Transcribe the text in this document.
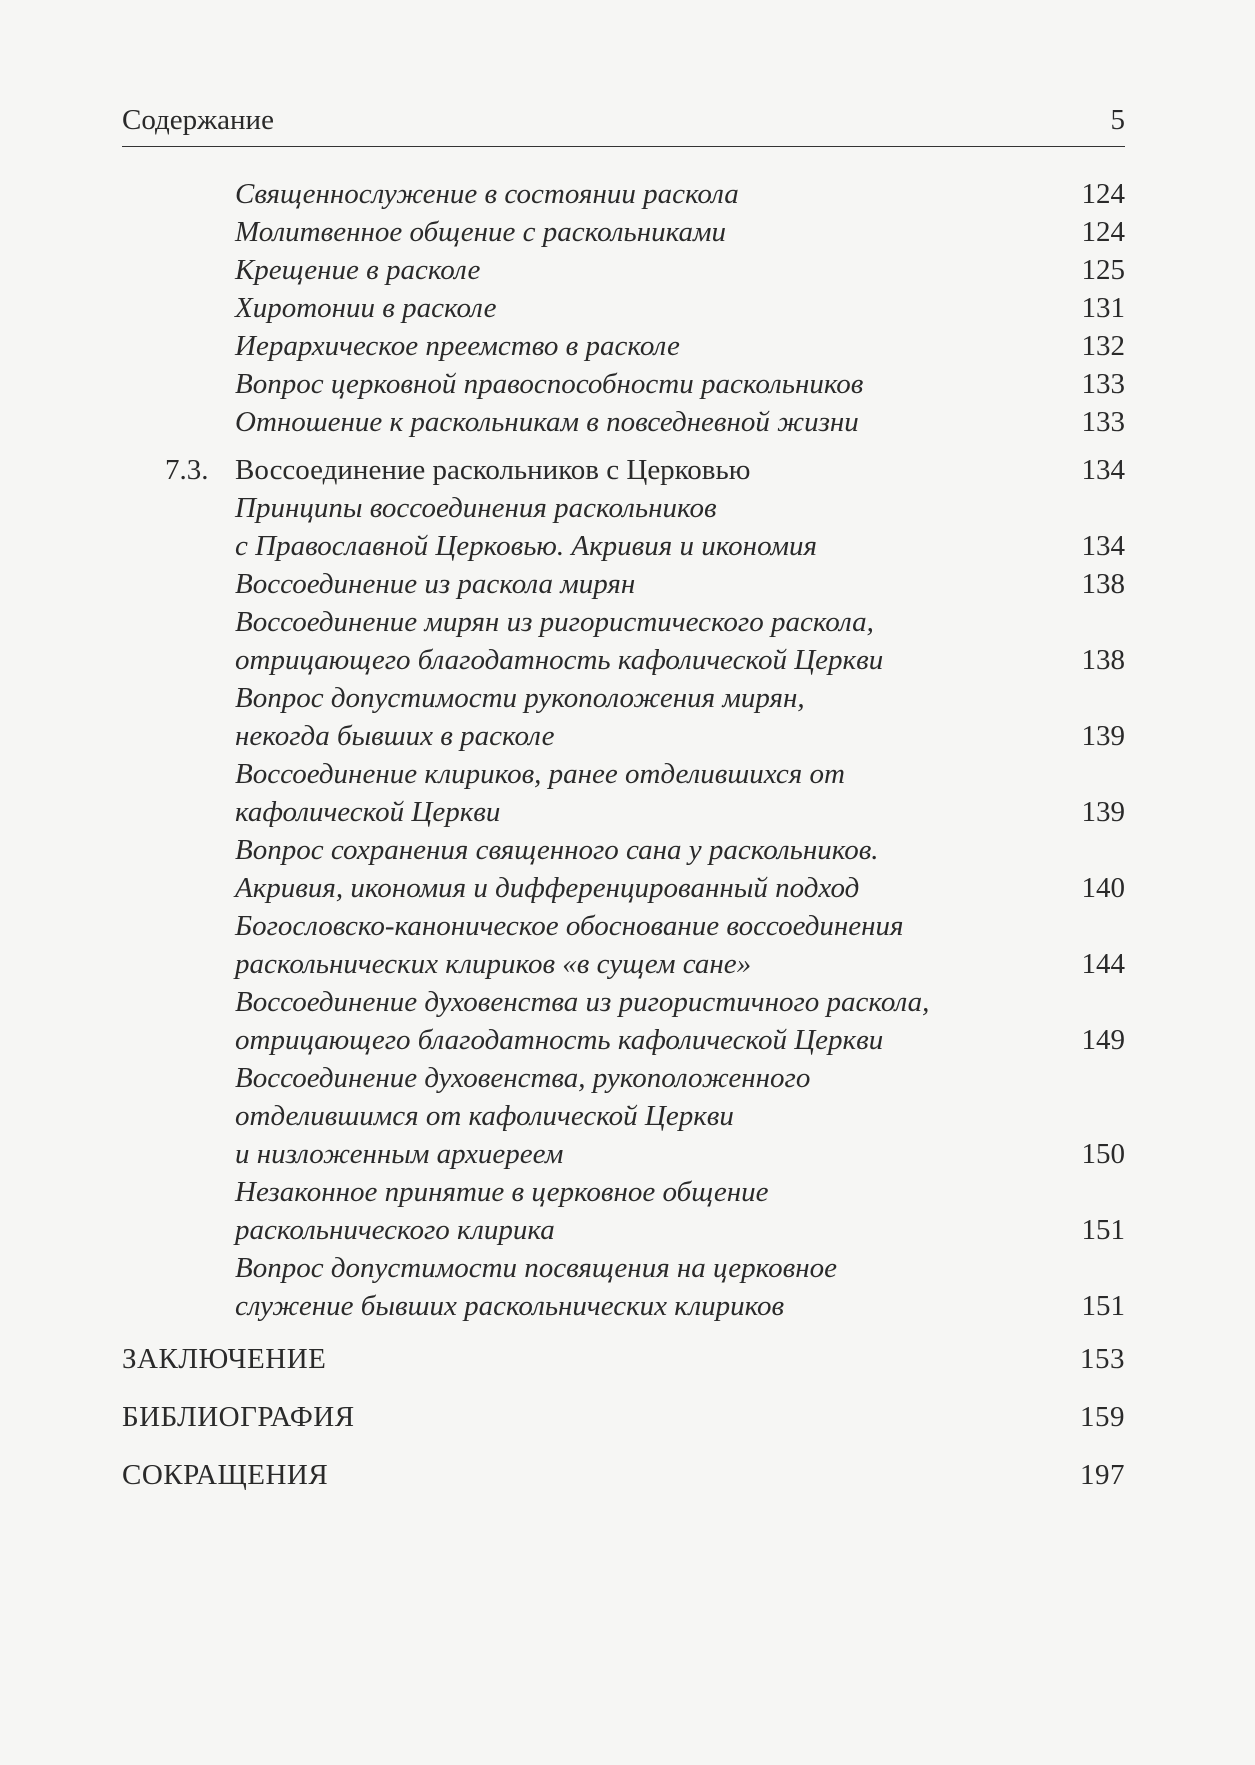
Содержание	5
Священнослужение в состоянии раскола	124
Молитвенное общение с раскольниками	124
Крещение в расколе	125
Хиротонии в расколе	131
Иерархическое преемство в расколе	132
Вопрос церковной правоспособности раскольников	133
Отношение к раскольникам в повседневной жизни	133
7.3. Воссоединение раскольников с Церковью	134
Принципы воссоединения раскольников
с Православной Церковью. Акривия и икономия	134
Воссоединение из раскола мирян	138
Воссоединение мирян из ригористического раскола,
отрицающего благодатность кафолической Церкви	138
Вопрос допустимости рукоположения мирян,
некогда бывших в расколе	139
Воссоединение клириков, ранее отделившихся от
кафолической Церкви	139
Вопрос сохранения священного сана у раскольников.
Акривия, икономия и дифференцированный подход	140
Богословско-каноническое обоснование воссоединения
раскольнических клириков «в сущем сане»	144
Воссоединение духовенства из ригористичного раскола,
отрицающего благодатность кафолической Церкви	149
Воссоединение духовенства, рукоположенного
отделившимся от кафолической Церкви
и низложенным архиереем	150
Незаконное принятие в церковное общение
раскольнического клирика	151
Вопрос допустимости посвящения на церковное
служение бывших раскольнических клириков	151
ЗАКЛЮЧЕНИЕ	153
БИБЛИОГРАФИЯ	159
СОКРАЩЕНИЯ	197
